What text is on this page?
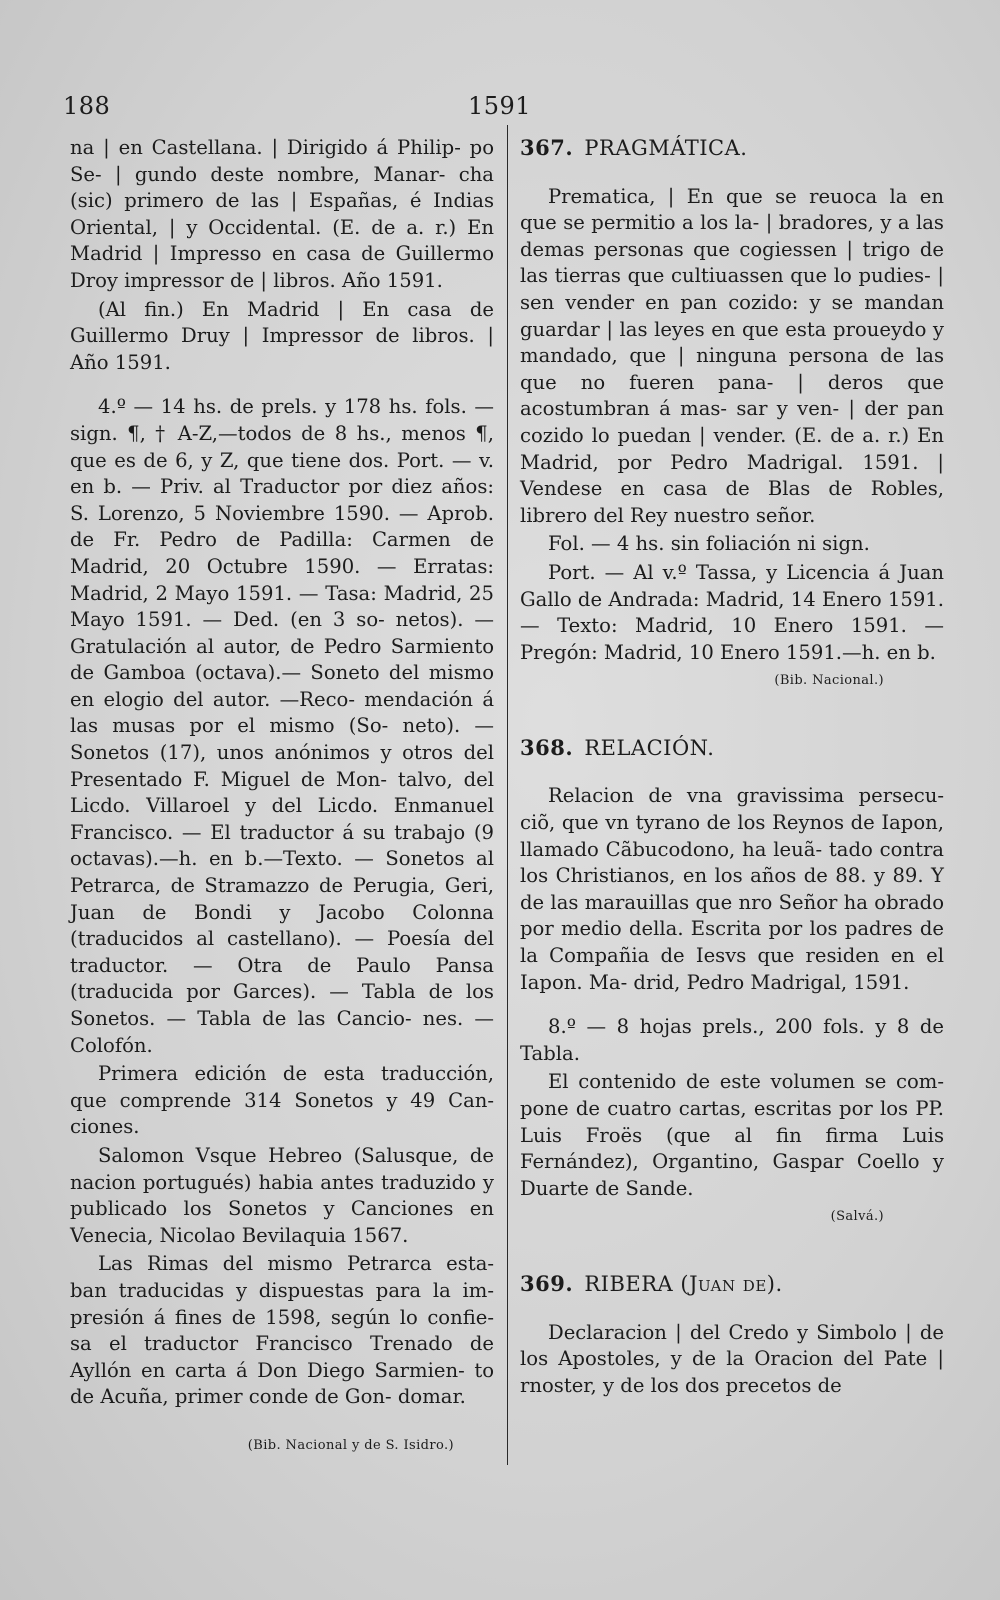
188	1591

na | en Castellana. | Dirigido á Philip- po Se- | gundo deste nombre, Manar- cha (sic) primero de las | Españas, é Indias Oriental, | y Occidental. (E. de a. r.) En Madrid | Impresso en casa de Guillermo Droy impressor de | libros. Año 1591.

(Al fin.) En Madrid | En casa de Guillermo Druy | Impressor de libros. | Año 1591.

4.º — 14 hs. de prels. y 178 hs. fols. — sign. ¶, † A-Z,—todos de 8 hs., menos ¶, que es de 6, y Z, que tiene dos. Port. — v. en b. — Priv. al Traductor por diez años: S. Lorenzo, 5 Noviembre 1590. — Aprob. de Fr. Pedro de Padilla: Carmen de Madrid, 20 Octubre 1590. — Erratas: Madrid, 2 Mayo 1591. — Tasa: Madrid, 25 Mayo 1591. — Ded. (en 3 so- netos). — Gratulación al autor, de Pedro Sarmiento de Gamboa (octava).— Soneto del mismo en elogio del autor. —Reco- mendación á las musas por el mismo (So- neto). — Sonetos (17), unos anónimos y otros del Presentado F. Miguel de Mon- talvo, del Licdo. Villaroel y del Licdo. Enmanuel Francisco. — El traductor á su trabajo (9 octavas).—h. en b.—Texto. — Sonetos al Petrarca, de Stramazzo de Perugia, Geri, Juan de Bondi y Jacobo Colonna (traducidos al castellano). — Poesía del traductor. — Otra de Paulo Pansa (traducida por Garces). — Tabla de los Sonetos. — Tabla de las Cancio- nes. — Colofón.

Primera edición de esta traducción, que comprende 314 Sonetos y 49 Can- ciones.

Salomon Vsque Hebreo (Salusque, de nacion portugués) habia antes traduzido y publicado los Sonetos y Canciones en Venecia, Nicolao Bevilaquia 1567.

Las Rimas del mismo Petrarca esta- ban traducidas y dispuestas para la im- presión á fines de 1598, según lo confie- sa el traductor Francisco Trenado de Ayllón en carta á Don Diego Sarmien- to de Acuña, primer conde de Gon- domar.

(Bib. Nacional y de S. Isidro.)

367. PRAGMÁTICA.

Prematica, | En que se reuoca la en que se permitio a los la- | bradores, y a las demas personas que cogiessen | trigo de las tierras que cultiuassen que lo pudies- | sen vender en pan cozido: y se mandan guardar | las leyes en que esta proueydo y mandado, que | ninguna persona de las que no fueren pana- | deros que acostumbran á mas- sar y ven- | der pan cozido lo puedan | vender. (E. de a. r.) En Madrid, por Pedro Madrigal. 1591. | Vendese en casa de Blas de Robles, librero del Rey nuestro señor.

Fol. — 4 hs. sin foliación ni sign.

Port. — Al v.º Tassa, y Licencia á Juan Gallo de Andrada: Madrid, 14 Enero 1591. — Texto: Madrid, 10 Enero 1591. — Pregón: Madrid, 10 Enero 1591.—h. en b.

(Bib. Nacional.)

368. RELACIÓN.

Relacion de vna gravissima persecu- ciõ, que vn tyrano de los Reynos de Iapon, llamado Cãbucodono, ha leuã- tado contra los Christianos, en los años de 88. y 89. Y de las marauillas que nro Señor ha obrado por medio della. Escrita por los padres de la Compañia de Iesvs que residen en el Iapon. Ma- drid, Pedro Madrigal, 1591.

8.º — 8 hojas prels., 200 fols. y 8 de Tabla.

El contenido de este volumen se com- pone de cuatro cartas, escritas por los PP. Luis Froës (que al fin firma Luis Fernández), Organtino, Gaspar Coello y Duarte de Sande.

(Salvá.)

369. RIBERA (Juan de).

Declaracion | del Credo y Simbolo | de los Apostoles, y de la Oracion del Pate | rnoster, y de los dos precetos de
